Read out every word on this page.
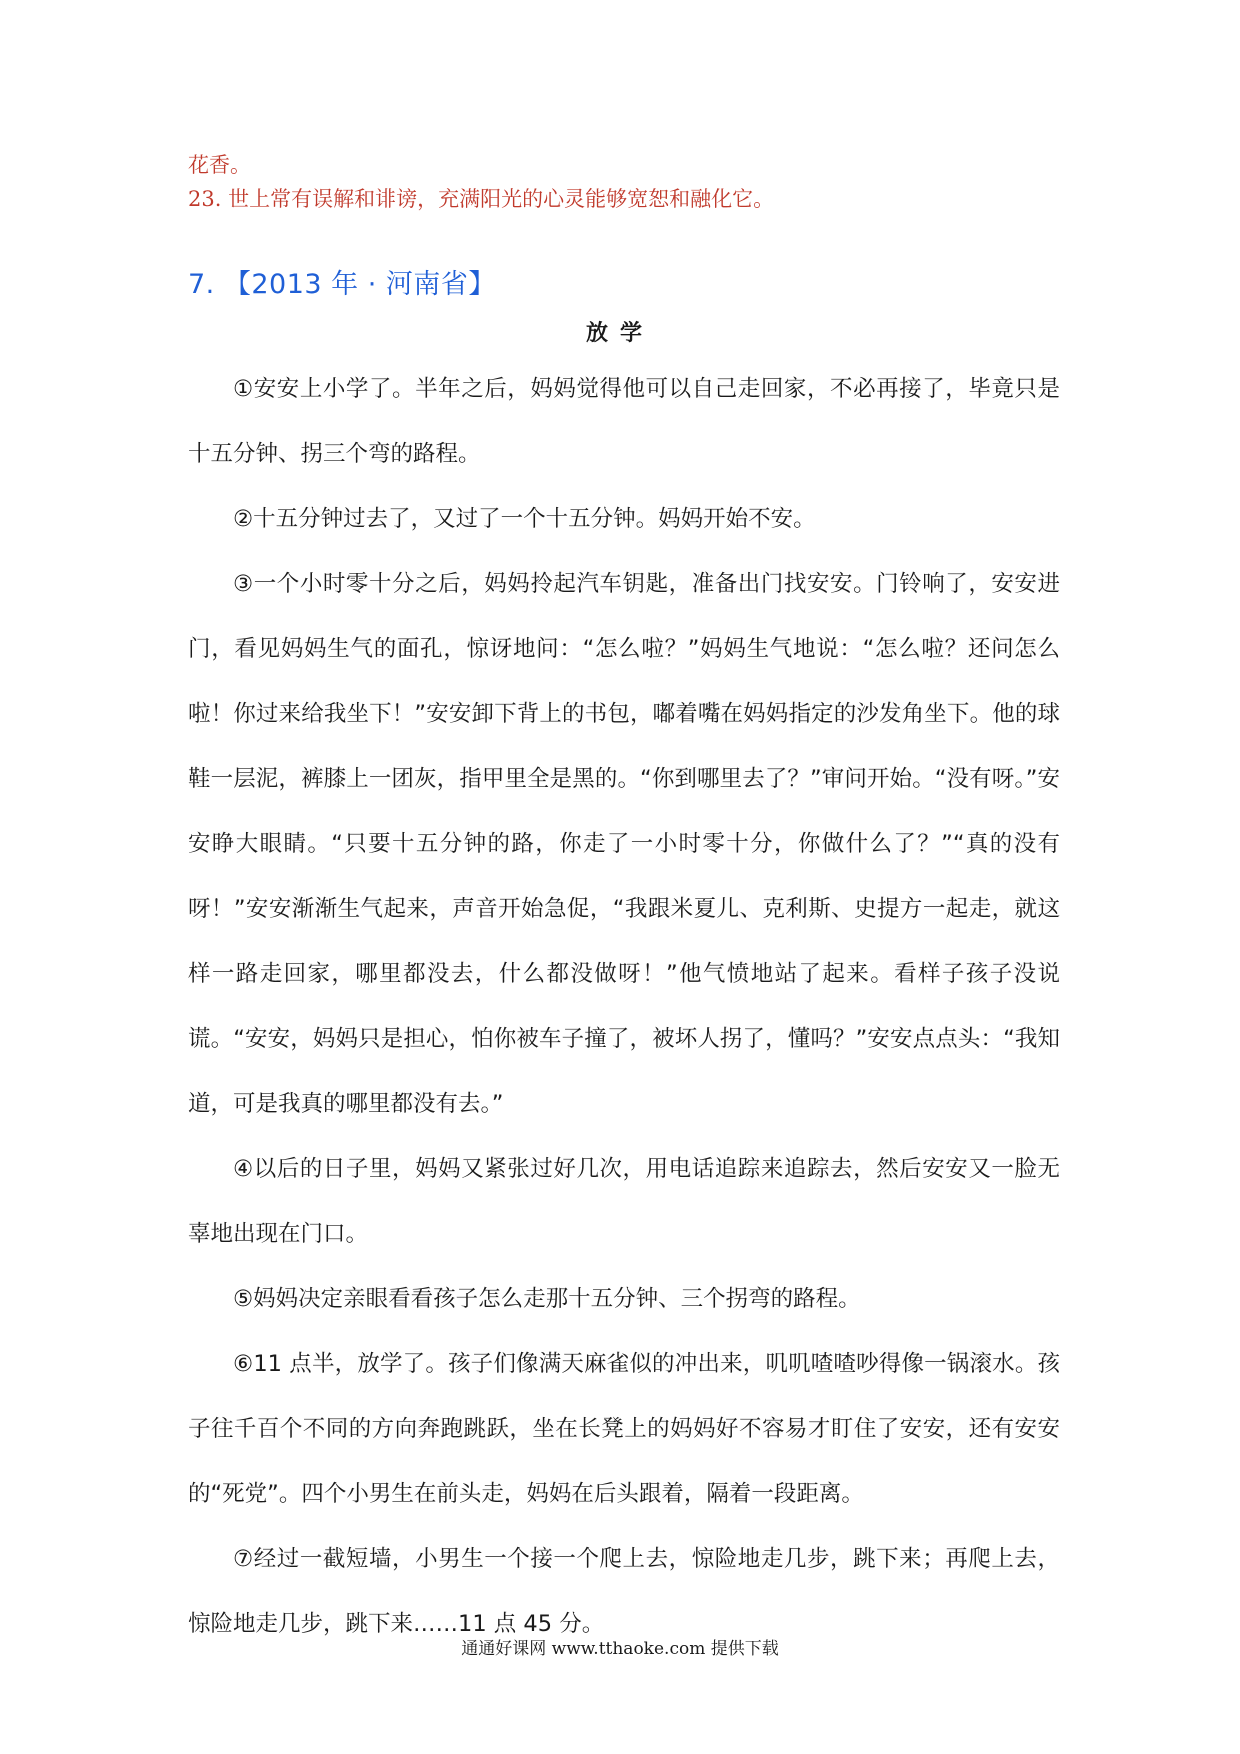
花香。
23. 世上常有误解和诽谤，充满阳光的心灵能够宽恕和融化它。
7. 【2013 年 · 河南省】
放学

①安安上小学了。半年之后，妈妈觉得他可以自己走回家，不必再接了，毕竟只是十五分钟、拐三个弯的路程。

②十五分钟过去了，又过了一个十五分钟。妈妈开始不安。

③一个小时零十分之后，妈妈拎起汽车钥匙，准备出门找安安。门铃响了，安安进门，看见妈妈生气的面孔，惊讶地问：“怎么啦？”妈妈生气地说：“怎么啦？还问怎么啦！你过来给我坐下！”安安卸下背上的书包，嘟着嘴在妈妈指定的沙发角坐下。他的球鞋一层泥，裤膝上一团灰，指甲里全是黑的。“你到哪里去了？”审问开始。“没有呀。”安安睁大眼睛。“只要十五分钟的路，你走了一小时零十分，你做什么了？”“真的没有呀！”安安渐渐生气起来，声音开始急促，“我跟米夏儿、克利斯、史提方一起走，就这样一路走回家，哪里都没去，什么都没做呀！”他气愤地站了起来。看样子孩子没说谎。“安安，妈妈只是担心，怕你被车子撞了，被坏人拐了，懂吗？”安安点点头：“我知道，可是我真的哪里都没有去。”

④以后的日子里，妈妈又紧张过好几次，用电话追踪来追踪去，然后安安又一脸无辜地出现在门口。

⑤妈妈决定亲眼看看孩子怎么走那十五分钟、三个拐弯的路程。

⑥11 点半，放学了。孩子们像满天麻雀似的冲出来，叽叽喳喳吵得像一锅滚水。孩子往千百个不同的方向奔跑跳跃，坐在长凳上的妈妈好不容易才盯住了安安，还有安安的“死党”。四个小男生在前头走，妈妈在后头跟着，隔着一段距离。

⑦经过一截短墙，小男生一个接一个爬上去，惊险地走几步，跳下来；再爬上去，惊险地走几步，跳下来……11 点 45 分。

通通好课网 www.tthaoke.com 提供下载
